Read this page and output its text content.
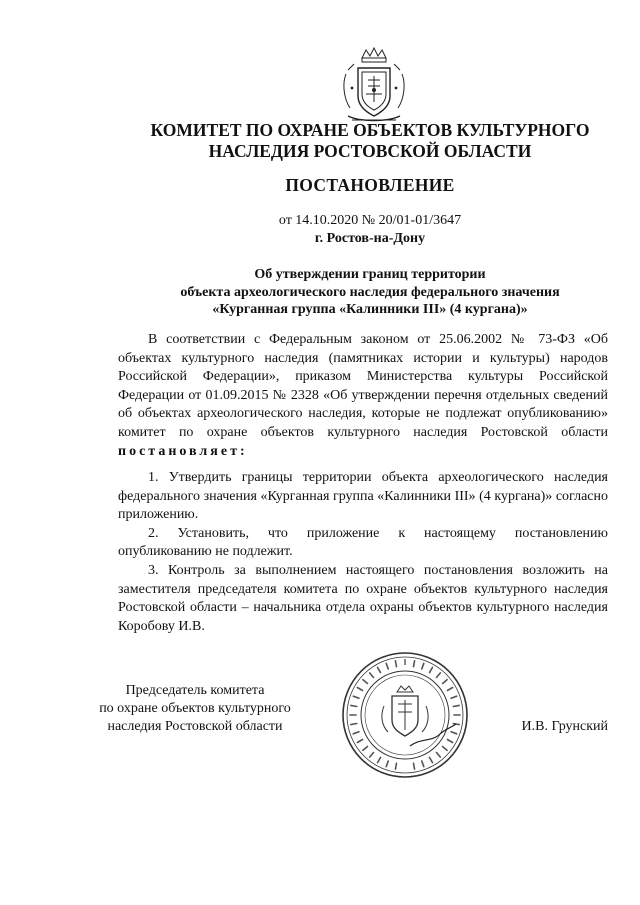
КОМИТЕТ ПО ОХРАНЕ ОБЪЕКТОВ КУЛЬТУРНОГО
НАСЛЕДИЯ РОСТОВСКОЙ ОБЛАСТИ
ПОСТАНОВЛЕНИЕ
от 14.10.2020 № 20/01-01/3647
г. Ростов-на-Дону
Об утверждении границ территории
объекта археологического наследия федерального значения
«Курганная группа «Калинники III» (4 кургана)»

В соответствии с Федеральным законом от 25.06.2002 № 73-ФЗ «Об объектах культурного наследия (памятниках истории и культуры) народов Российской Федерации», приказом Министерства культуры Российской Федерации от 01.09.2015 № 2328 «Об утверждении перечня отдельных сведений об объектах археологического наследия, которые не подлежат опубликованию» комитет по охране объектов культурного наследия Ростовской области постановляет:

1. Утвердить границы территории объекта археологического наследия федерального значения «Курганная группа «Калинники III» (4 кургана)» согласно приложению.

2. Установить, что приложение к настоящему постановлению опубликованию не подлежит.

3. Контроль за выполнением настоящего постановления возложить на заместителя председателя комитета по охране объектов культурного наследия Ростовской области – начальника отдела охраны объектов культурного наследия Коробову И.В.

Председатель комитета
по охране объектов культурного
наследия Ростовской области	И.В. Грунский
